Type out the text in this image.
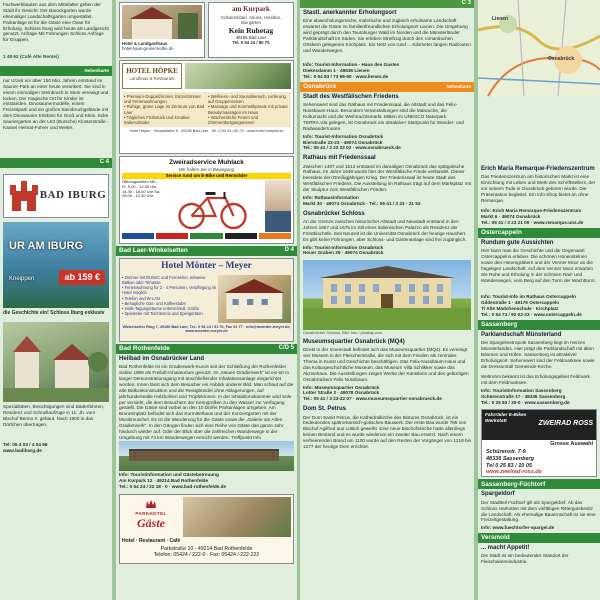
Fachwerkbauten aus dem Mittelalter geben der Stadt ihr Gesicht. Der Barockgarten wurde ehemaliger Landschaftsgarten umgestaltet. Parkanlage ist für die Gäste eine Oase für Erholung. Schloss Iburg wird heute als Landgericht genutzt. Anfrage Mit Führungen Schloss Anfrage für Gruppen.
1 48 62 (Café Alte Rentei)
Nebenkarte
nur Urzeit vor über 150 Mio. Jahren entstand im Saurier-Park an einer heute verankert. Sie sind in einem einmaligen Steinbruch in Stein verewigt und locken. Der magische Ort für Kinder ist entstanden. Dinosauriermodelle, einem Freizeitpark und ein großes Steinbruchgelände mit dem Dinosaurier Erlebnis für Groß und Klein. Ecke Sauriergarten an der L83 (Bursche) Klosterstraße - Kassel Heimat-Fuhrer und Weiter.
C 4
BAD IBURG
UR AM IBURG
Kneippen	ab 159 €
die Geschichte ein! Schloss Iburg exklusiv
Spezialitäten, Besichtigungen sind Bäderfahrten, Residenz und Schnellaufzüge in 11. Jh. vom Bischof Benno II. gebaut. Nach 1900 in das Dörfchen übertragen.
Tel: 05 4 03 / 4 04 66
www.badiburg.de
Hotel & Landgasthaus
hotel-haus-gruner-kolbe.de
am Kurpark
Schwimmbad, Sauna, Hotelbar, Biergarten
Kein Ruhetag
49186 Bad Laer
Tel. 0 54 24 / 80 70
HOTEL HÖPKE
Landhaus & Restaurant
• Premium-Doppelzimmer, Einzelzimmer und Ferienwohnungen
• Ruhige, grüne Lage im Zentrum von Bad Laer
• Tägliches Frühstück und kreative Italienurlaube
• Wellness- und Saunabereich, Lieferung auf Gruppenreisen
• Massage und Kosmetikpraxis mit private Beautymassagen im Haus
• Wöchentliche Feiern und Zimmerübergangsessen
Hotel Höpke · Hauptstraße 9 · 49196 Bad Laer · Tel. 0 54 24 / 80 70 · www.hotel-hoepke.de
Zweiradservice Muhlack
Wir halten Sie in Bewegung
Service rund um E-Bike und Rennräder
Öffnungszeiten Mo.-Fr. 9.00 - 12.30 Uhr 14.30 - 18.00 Uhr Sa. 09.00 - 12.30 Uhr
Bad Laer-Winkelsetten	D 4
Hotel Mönter – Meyer
• Zimmer mit DU/WC und Fernseher, teilweise Balkon oder Terrasse
• Ferienwohnung für 2 - 4 Personen, Verpflegung im Hotel möglich
• Telefon und W-LAN
• Behagliche Gas- und Kaffeestube
• Halle Tagungsräume unterschiedl. Größe
• Spielecke mit Tischtennis und Spielgeräten
Winkelsetter Ring 7, 49196 Bad Laer, Tel.: 0 54 24 / 91 76, Fax 91 77 · info@moenter-meyer.de, www.moenter-meyer.de
Bad Rothenfelde	C/D 5
Heilbad im Osnabrücker Land
Bad Rothenfelde ist ein Gradierwerk-Kurort seit der Schließung der Rothenfelder Saline 1959 als Freiluft-Inhalatorium genutzt. Im „Neuen Gradierwerk" ist ein 60 m langer Demonstrationsgang mit anschließender Inhalationsanlage eingerichtet worden. Innen lässt sich dem Besucher ein Anblick anderer Bild. Man schaut auf die alte Balkonkonstruktion und die Reisigbündel ohne Ablagerungen, auf jahrhundertealte Holzbohlen und Tröpfelrinnen. In der Inhalationskammer wird Sole per versieht, die dem Besuchern der Kenngrößen zu den Wasser zur Verfügung gestellt. Die Gäste sind vorbei an den 10 Dörfer Parkanlagen umgeben. Am Brunnenplatz befindet sich das Kurmittelhaus und der Konzertgarten mit der Musikmuschel. Es ist die Wanderung für die Gäste sowie die „Galerie am Alten Gradierwerk". In den Gängen finden sich eine Reihe von Gäste das ganze Jahr hindurch wieder auf. Oder der Blick über die zahlreichen Wanderwege in der Umgebung mit 73 km Wanderwegen erreicht werden. Treffpunkt Info
Info: Touristinformation und Gästebetreuung
Am Kurpark 12 · 49214 Bad Rothenfelde
Tel.: 0 54 24 / 22 18 - 0 · www.bad-rothenfelde.de
PARKHOTEL
Gäste
Hotel · Restaurant · Café
Parkstraße 10 · 49214 Bad Rothenfelde
Telefon: 05424 / 222-0 · Fax: 05424 / 222-222
C 3
Stastl. anerkannter Erholungsort
Eine abwechslungsreiche, malerische und zugleich erholsame Landschaft erwartet die Gäste im familienfreundlichen Erholungsort Lienen. Die Umgebung wird geprägt durch den Teutoburger Wald im Norden und die Münsterländer Parklandschaft im Süden. Sie erleben Streifzug durch den romantischen Ortskern gelegenen Kirchplatz. Ein Netz von rund ... Kilometer langen Radrouten und Wanderwegen.
Info: Tourist-Information - Haus des Gastes
Diekesdamm 1 · 49536 Lienen
Tel.: 0 54 83 / 73 96-50 · www.lienen.de
Osnabrück	Nebenkarte
Stadt des Westfälischen Friedens
Sehenswert sind das Rathaus mit Friedenssaal, die Altstadt und das Felix-Nussbaum-Haus. Besonders Veranstaltungen sind die Maiwoche, die Kulturnacht und der Weihnachtsmarkt. Mitten im UNESCO Naturpark TERRA.vita gelegen, ist Osnabrück ein attraktiver Startpunkt für Wander- und Radwandertouren.
Info: Tourist-Information Osnabrück
Bierstraße 22-23 · 49074 Osnabrück
Tel.: 05 41 / 3 23 22 02 · www.osnabrueck.de
Rathaus mit Friedenssaal
Zwischen 1487 und 1512 entstand im damaligen Osnabrück das spätgotische Rathaus. Im Jahre 1648 wurde hier der Westfälische Friede verkündet. Dieser beendete den Dreißigjährigen Krieg. Der Friedenssaal ist heute Stadt des Westfälischen Friedens. Die Ausstellung im Rathaus trägt auf dem Marktplatz mit der Skulptur zum Westfälischen Frieden.
Info: Rathausinformation
Markt 30 · 49074 Osnabrück · Tel.: 05 41 / 3 23 - 21 52
Osnabrücker Schloss
An der Grenze zwischen historischer Altstadt und Neustadt entstand in den Jahren 1667 und 1675 im Stil eines italienischen Palazzo als Residenz der Fürstbischöfe. Seit Neuzeit ist die Universität Osnabrück der heutige Hausherr. Es gibt keine Führungen, aber Schloss- und Gartenanlage sind frei zugänglich.
Info: Tourist-Information Osnabrück
Neuer Graben 29 · 49074 Osnabrück
Osnabrücker Schloss, Bild: foto / pixabay.com
Museumsquartier Osnabrück (MQ4)
Direkt in der Innenstadt befindet sich das Museumsquartier (MQ4). Es vereinigt vier Museen in der Fleischerstraße, die sich mit dem Frieden als zentrales Thema in Kunst und Geschichte beschäftigen. Das Felix-Nussbaum-Haus und das Kulturgeschichtliche Museum, das Museum Villa Schlikker sowie das Akzisehaus. Die Ausstellungen zeigen Werke der Künstlerin und des gebürtigen Osnabrückers Felix Nussbaum.
Info: Museumsquartier Osnabrück
Lotter Straße 2 · 49078 Osnabrück
Tel.: 05 41 / 3 23-22 07 · www.museumsquartier-osnabrueck.de
Dom St. Petrus
Der Dom Sankt Petrus, die Kathedralkirche des Bistums Osnabrück, ist ein bedeutendes spätromanisch-gotisches Bauwerk. Der erste Bau wurde 785 von Bischof Agilfred aus Lüttich geweiht. Eine neue Bischofskirche hatte allerdings keinen Bestand und es wurde wiederum ein zweiter Bau ersetzt. Nach einem verheerenden Brand um 1100 wurde auf den Resten der Vorgänger von 1218 bis 1277 der heutige Dom errichtet.
Lienen
Osnabrück
Erich Maria Remarque-Friedenszentrum
Das Friedenszentrum am historischen Markt ist eine Einrichtung mit Leben und Werk des Schriftstellers, der vor seinem Tode in Osnabrück geboren wurde. Die Präsentation begleitet. Ein Info-Shop bietet an ohne Remarque.
Info: Erich Maria Remarque-Friedenszentrum
Markt 6 · 49074 Osnabrück
Tel.: 05 41 / 3 23 21 09 · www.remarque.uos.de
Ostercappeln
Rundum gute Aussichten
Hier kann man die Geschichte und die Gegenwart Ostercappelns erleben. Die schönen Hünenstelnen sowie den Hünengräbern und der Venner Moor an die hügeligen Landschaft. Auf dem Venner Moor erwarten Sie Ruhe und Erholung in der schönen Rad- und Wanderwegen, vom Berg auf den Turm der Wachtturm.
Info: Tourist-Info im Rathaus Ostercappeln
Gildestraße 1 · 49179 Ostercappeln
Tl Alte Mädchenschule · Kirchplatz
Tel.: 0 54 73 / 92 02-23 · www.ostercappeln.de
Sassenberg
Parklandschaft Münsterland
Die Spargelmetropole Sassenberg liegt im Herzen Münsterlandes. Hier prägt die Parklandschaft mit alten Bäumen und Höfen. Sassenberg ist attraktiver Erholungsort. Sehenswert sind der Feldmarksee sowie die Dressurstall Gemeinde-Kirche.
Weltruhm bekannt ist das Erholungsgebiet Feldmark mit dem Feldmarksee.
Info: Touristinformation Sassenberg
Schürenstraße 17 · 48336 Sassenberg
Tel.: 0 25 83 / 30-0 · www.sassenberg.de
Fahrräder E-Bikes Werkstatt	ZWEIRAD ROSS
Grosse Auswahl
Schürenstr. 7-9
48336 Sassenberg
Tel 0 25 83 / 10 05
www.zweirad-ross.de
Sassenberg-Füchtorf
Spargeldorf
Der Stadtteil Füchtorf gilt als Spargeldorf. Ab das Schloss Harkotten mit dem viefältigen Rittergutsbesitz die Landschaft. Als ehemalige Bauernschaft ist sie eine Freizeitgestaltung.
Info: www.fuechtorfer-spargel.de
Versmold
... macht Appetit!
Die Stadt ist ein bedeutender Standort der Fleischwarenindustrie.
